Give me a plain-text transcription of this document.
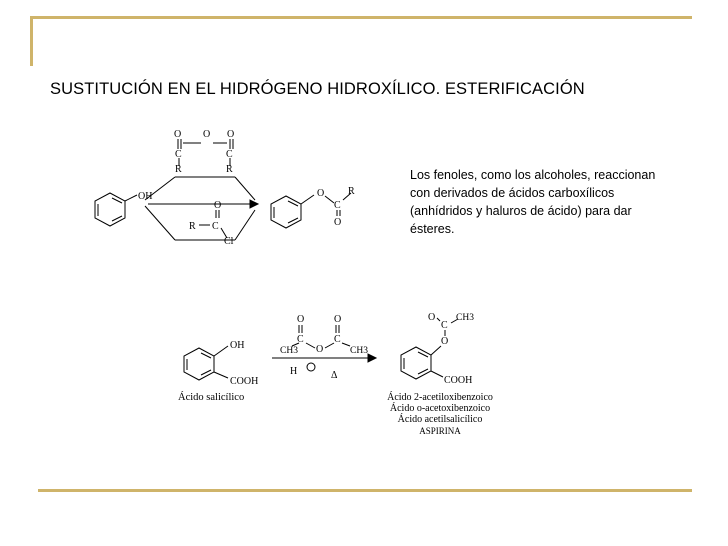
SUSTITUCIÓN EN EL HIDRÓGENO HIDROXÍLICO. ESTERIFICACIÓN
Los fenoles, como los alcoholes, reaccionan con derivados de ácidos carboxílicos (anhídridos y haluros de ácido) para dar ésteres.
OH
O O O
C	C
R	R
O
R C
Cl
O R
C
O
OH
COOH
Ácido salicílico
O	O
CH3
C
O
C
CH3
H	Δ
O
C
CH3
O
COOH
Ácido 2-acetiloxibenzoico
Ácido o-acetoxibenzoico
Ácido acetilsalicílico
ASPIRINA
